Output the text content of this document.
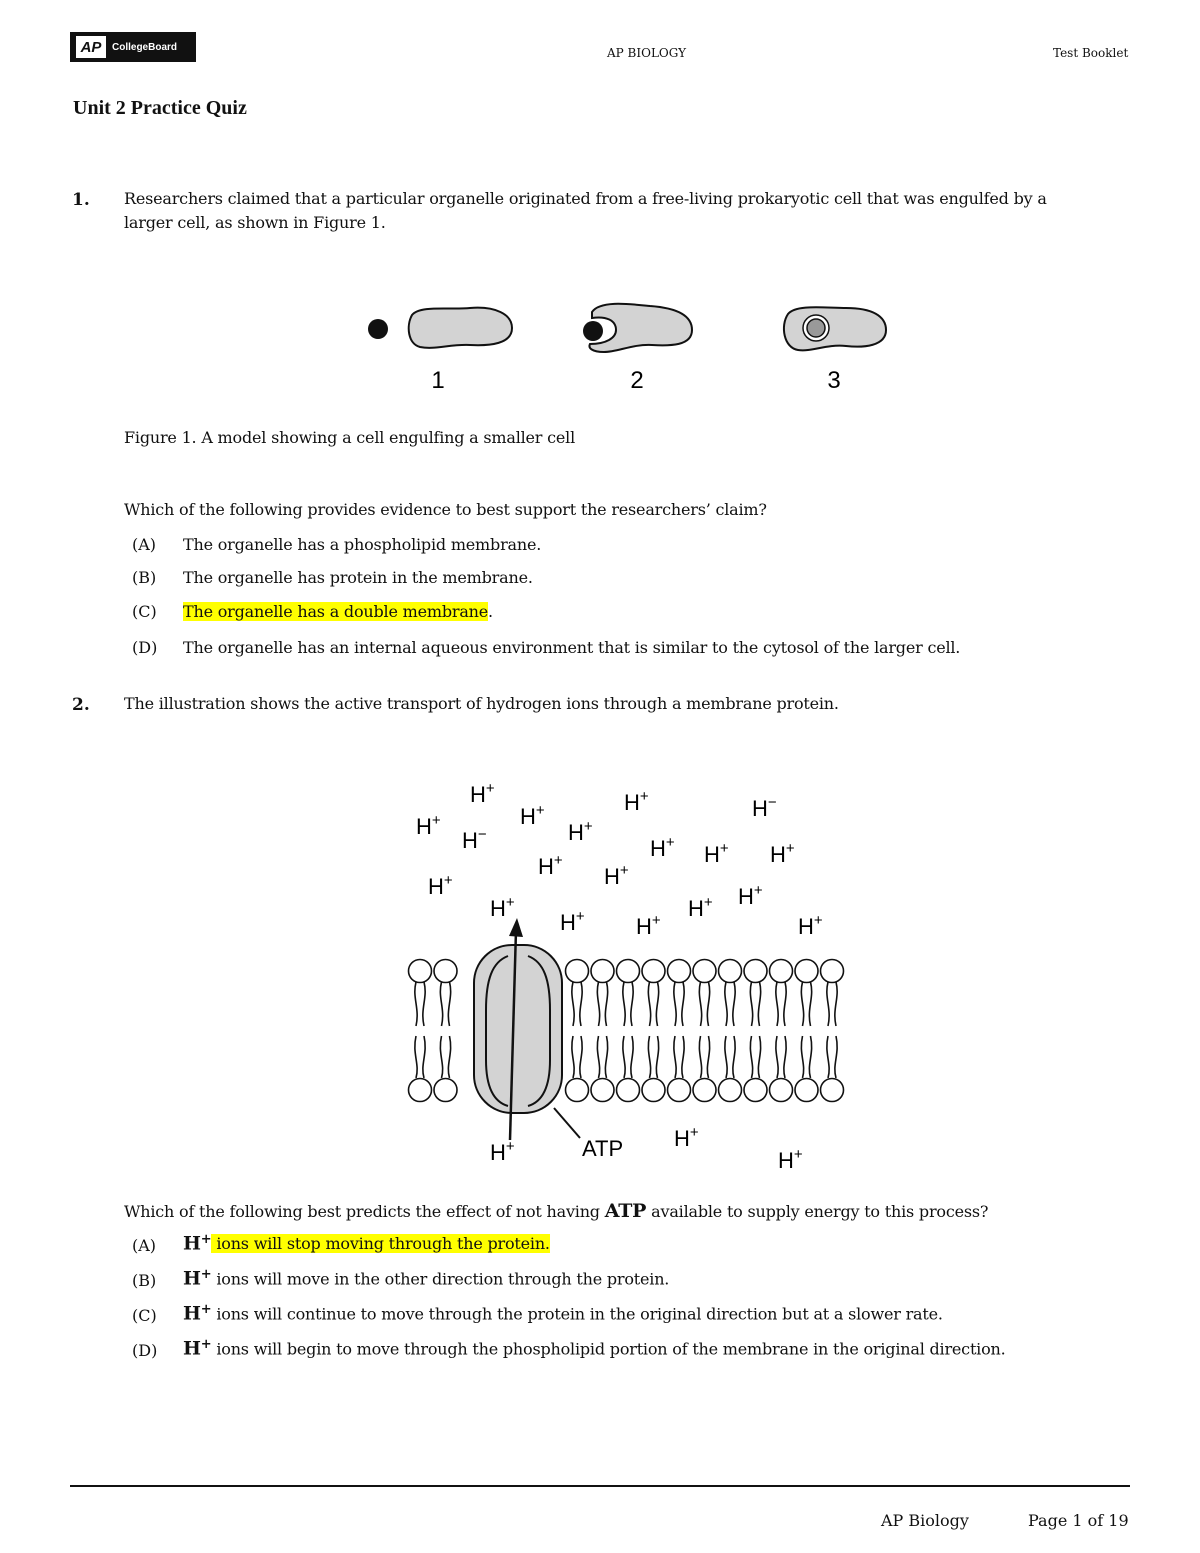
AP	CollegeBoard	AP BIOLOGY	Test Booklet
Unit 2 Practice Quiz
1. Researchers claimed that a particular organelle originated from a free-living prokaryotic cell that was engulfed by a
larger cell, as shown in Figure 1.
1	2	3
Figure 1. A model showing a cell engulfing a smaller cell
Which of the following provides evidence to best support the researchers’ claim?
(A) The organelle has a phospholipid membrane.
(B) The organelle has protein in the membrane.
(C) The organelle has a double membrane.
(D) The organelle has an internal aqueous environment that is similar to the cytosol of the larger cell.
2. The illustration shows the active transport of hydrogen ions through a membrane protein.
ATP
H+
H+
H−
H+
H+
H+	H−
H+
H+
H+ H+ H+
H+
H+
H+ H+ H+ H+
H+
H+	H+
H+
Which of the following best predicts the effect of not having ATP available to supply energy to this process?
(A) H+ ions will stop moving through the protein.
(B) H+ ions will move in the other direction through the protein.
(C) H+ ions will continue to move through the protein in the original direction but at a slower rate.
(D) H+ ions will begin to move through the phospholipid portion of the membrane in the original direction.
AP Biology	Page 1 of 19
